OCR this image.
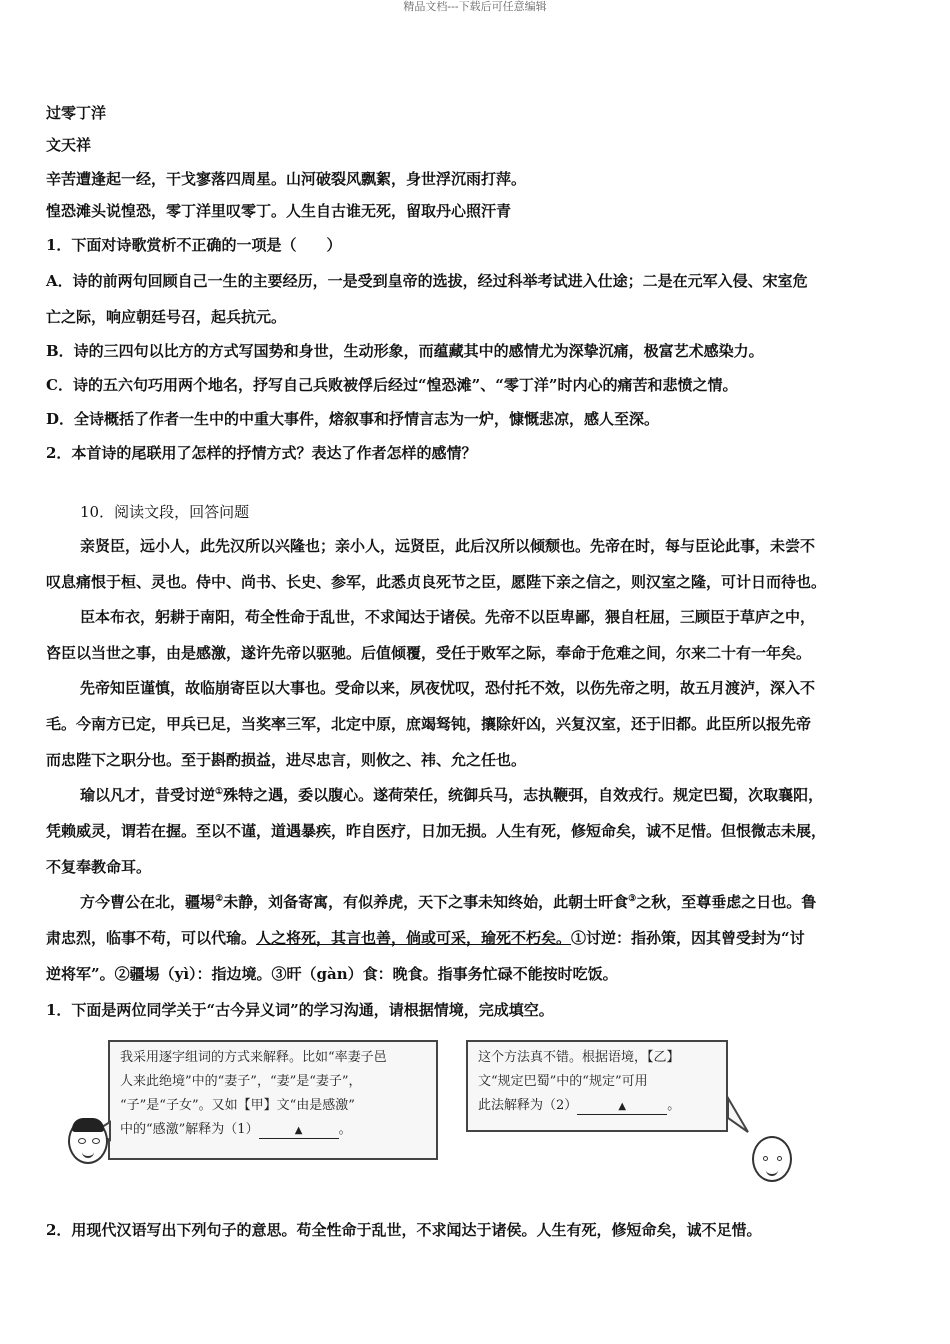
精品文档---下载后可任意编辑
过零丁洋
文天祥
辛苦遭逢起一经，干戈寥落四周星。山河破裂风飘絮，身世浮沉雨打萍。
惶恐滩头说惶恐，零丁洋里叹零丁。人生自古谁无死，留取丹心照汗青
1．下面对诗歌赏析不正确的一项是（　　）
A．诗的前两句回顾自己一生的主要经历，一是受到皇帝的选拔，经过科举考试进入仕途；二是在元军入侵、宋室危
亡之际，响应朝廷号召，起兵抗元。
B．诗的三四句以比方的方式写国势和身世，生动形象，而蕴藏其中的感情尤为深挚沉痛，极富艺术感染力。
C．诗的五六句巧用两个地名，抒写自己兵败被俘后经过“惶恐滩”、“零丁洋”时内心的痛苦和悲愤之情。
D．全诗概括了作者一生中的中重大事件，熔叙事和抒情言志为一炉，慷慨悲凉，感人至深。
2．本首诗的尾联用了怎样的抒情方式？表达了作者怎样的感情？
10．阅读文段，回答问题
亲贤臣，远小人，此先汉所以兴隆也；亲小人，远贤臣，此后汉所以倾颓也。先帝在时，每与臣论此事，未尝不
叹息痛恨于桓、灵也。侍中、尚书、长史、参军，此悉贞良死节之臣，愿陛下亲之信之，则汉室之隆，可计日而待也。
臣本布衣，躬耕于南阳，苟全性命于乱世，不求闻达于诸侯。先帝不以臣卑鄙，猥自枉屈，三顾臣于草庐之中，
咨臣以当世之事，由是感激，遂许先帝以驱驰。后值倾覆，受任于败军之际，奉命于危难之间，尔来二十有一年矣。
先帝知臣谨慎，故临崩寄臣以大事也。受命以来，夙夜忧叹，恐付托不效，以伤先帝之明，故五月渡泸，深入不
毛。今南方已定，甲兵已足，当奖率三军，北定中原，庶竭驽钝，攘除奸凶，兴复汉室，还于旧都。此臣所以报先帝
而忠陛下之职分也。至于斟酌损益，进尽忠言，则攸之、祎、允之任也。
瑜以凡才，昔受讨逆①殊特之遇，委以腹心。遂荷荣任，统御兵马，志执鞭弭，自效戎行。规定巴蜀，次取襄阳，
凭赖威灵，谓若在握。至以不谨，道遇暴疾，昨自医疗，日加无损。人生有死，修短命矣，诚不足惜。但恨微志未展，
不复奉教命耳。
方今曹公在北，疆埸②未静，刘备寄寓，有似养虎，天下之事未知终始，此朝士旰食③之秋，至尊垂虑之日也。鲁
肃忠烈，临事不苟，可以代瑜。人之将死，其言也善，倘或可采，瑜死不朽矣。①讨逆：指孙策，因其曾受封为“讨
逆将军”。②疆埸（yì）：指边境。③旰（gàn）食：晚食。指事务忙碌不能按时吃饭。
1．下面是两位同学关于“古今异义词”的学习沟通，请根据情境，完成填空。
我采用逐字组词的方式来解释。比如“率妻子邑
人来此绝境”中的“妻子”，“妻”是“妻子”，
“子”是“子女”。又如【甲】文“由是感激”
中的“感激”解释为（1）	▲	。
这个方法真不错。根据语境，【乙】
文“规定巴蜀”中的“规定”可用
此法解释为（2）	▲	。
2．用现代汉语写出下列句子的意思。苟全性命于乱世，不求闻达于诸侯。人生有死，修短命矣，诚不足惜。
